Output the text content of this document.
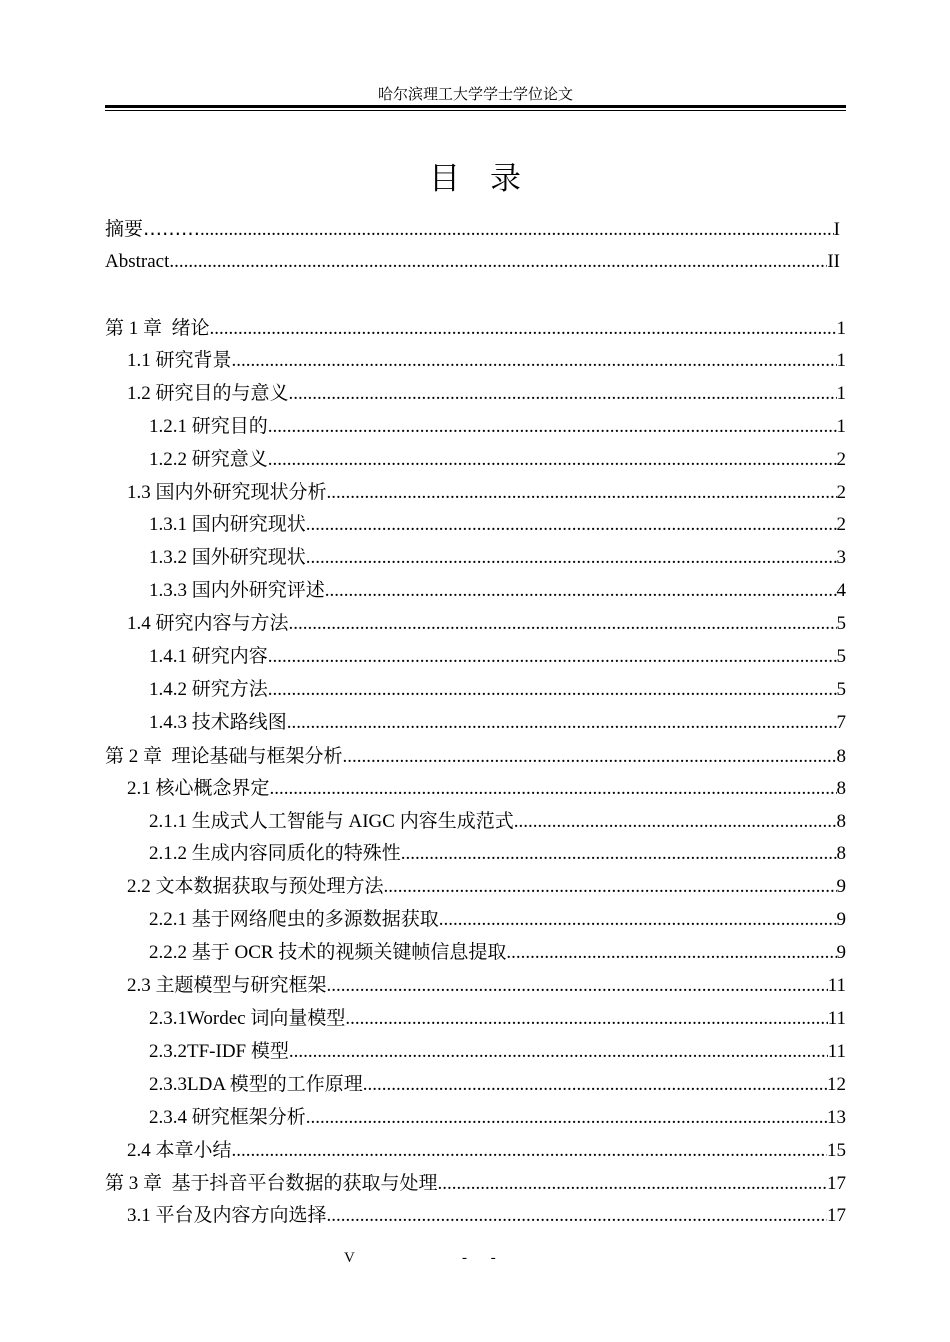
哈尔滨理工大学学士学位论文
目录
摘要……… .....	I
Abstract .....	II
第 1 章  绪论 .....	1
1.1 研究背景 .....	1
1.2 研究目的与意义 .....	1
1.2.1 研究目的 .....	1
1.2.2 研究意义 .....	2
1.3 国内外研究现状分析 .....	2
1.3.1 国内研究现状 .....	2
1.3.2 国外研究现状 .....	3
1.3.3 国内外研究评述 .....	4
1.4 研究内容与方法 .....	5
1.4.1 研究内容 .....	5
1.4.2 研究方法 .....	5
1.4.3 技术路线图 .....	7
第 2 章  理论基础与框架分析 .....	8
2.1 核心概念界定 .....	8
2.1.1 生成式人工智能与 AIGC 内容生成范式 .....	8
2.1.2 生成内容同质化的特殊性 .....	8
2.2 文本数据获取与预处理方法 .....	9
2.2.1 基于网络爬虫的多源数据获取 .....	9
2.2.2 基于 OCR 技术的视频关键帧信息提取 .....	9
2.3 主题模型与研究框架 .....	11
2.3.1Wordec 词向量模型 .....	11
2.3.2TF-IDF 模型 .....	11
2.3.3LDA 模型的工作原理 .....	12
2.3.4 研究框架分析 .....	13
2.4 本章小结 .....	15
第 3 章  基于抖音平台数据的获取与处理 .....	17
3.1 平台及内容方向选择 .....	17
V	- -
